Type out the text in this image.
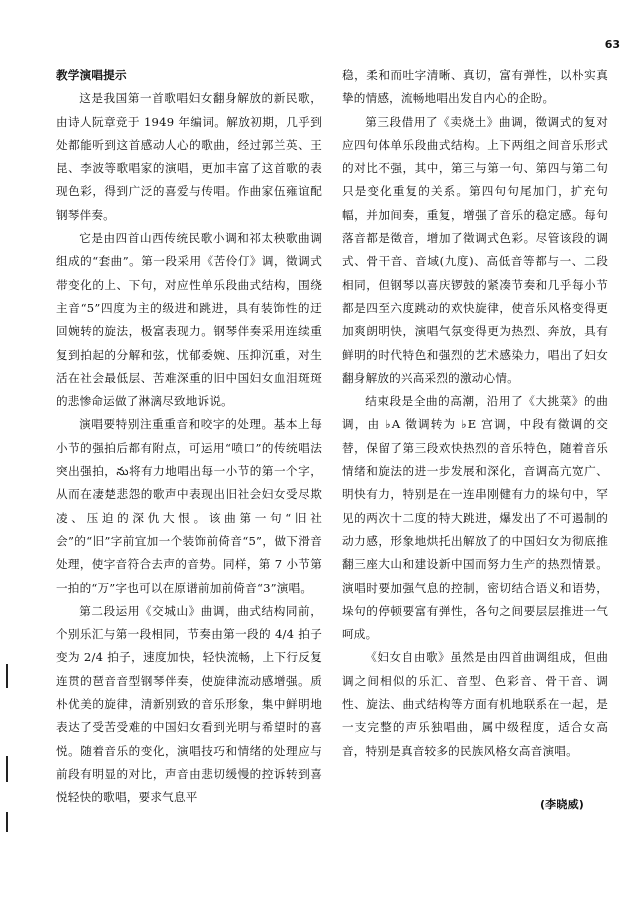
63
教学演唱提示

这是我国第一首歌唱妇女翻身解放的新民歌，由诗人阮章竞于 1949 年编词。解放初期，几乎到处都能听到这首感动人心的歌曲，经过郭兰英、王昆、李波等歌唱家的演唱，更加丰富了这首歌的表现色彩，得到广泛的喜爱与传唱。作曲家伍雍谊配钢琴伴奏。

它是由四首山西传统民歌小调和祁太秧歌曲调组成的“套曲”。第一段采用《苦伶仃》调，徵调式带变化的上、下句，对应性单乐段曲式结构，围绕主音“5”四度为主的级进和跳进，具有装饰性的迂回婉转的旋法，极富表现力。钢琴伴奏采用连续重复到拍起的分解和弦，忧郁委婉、压抑沉重，对生活在社会最低层、苦难深重的旧中国妇女血泪斑斑的悲惨命运做了淋漓尽致地诉说。

演唱要特别注重重音和咬字的处理。基本上每小节的强拍后都有附点，可运用“喷口”的传统唱法突出强拍，ను将有力地唱出每一小节的第一个字，从而在凄楚悲怨的歌声中表现出旧社会妇女受尽欺凌、压迫的深仇大恨。该曲第一句“旧社会”的“旧”字前宜加一个装饰前倚音“5”，做下滑音处理，使字音符合去声的音势。同样，第 7 小节第一拍的“万”字也可以在原谱前加前倚音“3”演唱。

第二段运用《交城山》曲调，曲式结构同前，个别乐汇与第一段相同，节奏由第一段的 4/4 拍子变为 2/4 拍子，速度加快，轻快流畅，上下行反复连贯的琶音音型钢琴伴奏，使旋律流动感增强。质朴优美的旋律，清新别致的音乐形象，集中鲜明地表达了受苦受难的中国妇女看到光明与希望时的喜悦。随着音乐的变化，演唱技巧和情绪的处理应与前段有明显的对比，声音由悲切缓慢的控诉转到喜悦轻快的歌唱，要求气息平

稳，柔和而吐字清晰、真切，富有弹性，以朴实真挚的情感，流畅地唱出发自内心的企盼。

第三段借用了《卖烧土》曲调，徵调式的复对应四句体单乐段曲式结构。上下两组之间音乐形式的对比不强，其中，第三与第一句、第四与第二句只是变化重复的关系。第四句句尾加门，扩充句幅，并加间奏，重复，增强了音乐的稳定感。每句落音都是徵音，增加了徵调式色彩。尽管该段的调式、骨干音、音域(九度)、高低音等都与一、二段相同，但钢琴以喜庆锣鼓的紧凑节奏和几乎每小节都是四至六度跳动的欢快旋律，使音乐风格变得更加爽朗明快，演唱气氛变得更为热烈、奔放，具有鲜明的时代特色和强烈的艺术感染力，唱出了妇女翻身解放的兴高采烈的激动心情。

结束段是全曲的高潮，沿用了《大挑菜》的曲调，由 ♭A 徵调转为 ♭E 宫调，中段有徵调的交替，保留了第三段欢快热烈的音乐特色，随着音乐情绪和旋法的进一步发展和深化，音调高亢宽广、明快有力，特别是在一连串刚健有力的垛句中，罕见的两次十二度的特大跳进，爆发出了不可遏制的动力感，形象地烘托出解放了的中国妇女为彻底推翻三座大山和建设新中国而努力生产的热烈情景。演唱时要加强气息的控制，密切结合语义和语势，垛句的停顿要富有弹性，各句之间要层层推进一气呵成。

《妇女自由歌》虽然是由四首曲调组成，但曲调之间相似的乐汇、音型、色彩音、骨干音、调性、旋法、曲式结构等方面有机地联系在一起，是一支完整的声乐独唱曲，属中级程度，适合女高音，特别是真音较多的民族风格女高音演唱。

(李晓威)
